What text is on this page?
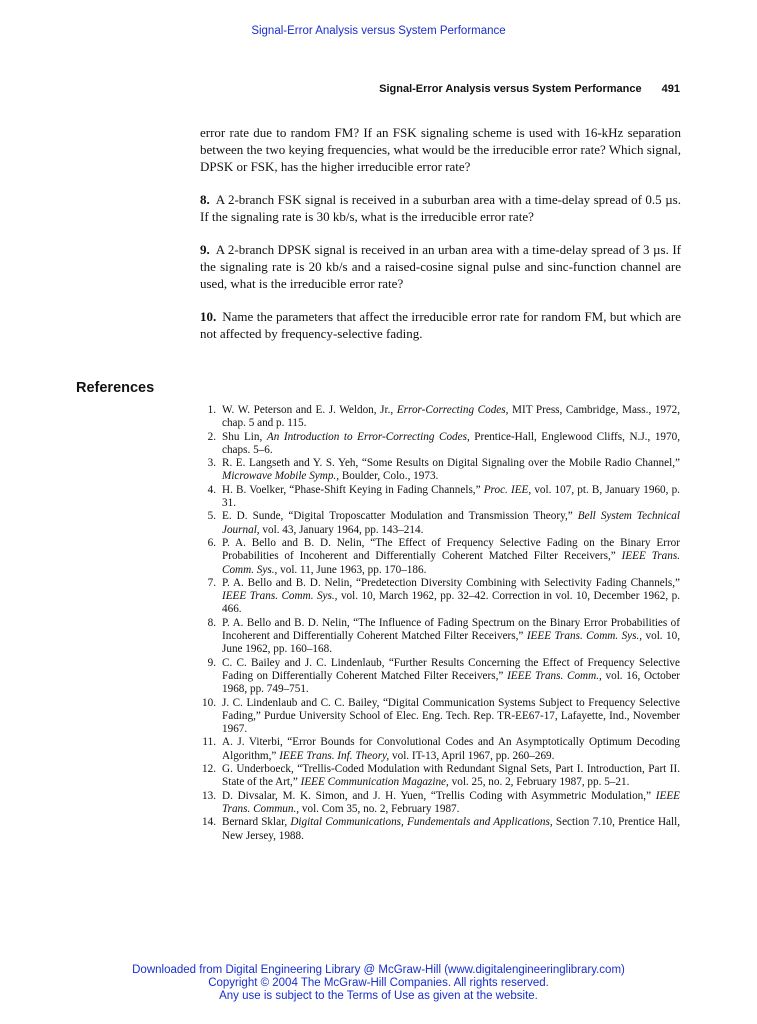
Signal-Error Analysis versus System Performance
Signal-Error Analysis versus System Performance 491

error rate due to random FM? If an FSK signaling scheme is used with 16-kHz separation between the two keying frequencies, what would be the irreducible error rate? Which signal, DPSK or FSK, has the higher irreducible error rate?

8. A 2-branch FSK signal is received in a suburban area with a time-delay spread of 0.5 µs. If the signaling rate is 30 kb/s, what is the irreducible error rate?

9. A 2-branch DPSK signal is received in an urban area with a time-delay spread of 3 µs. If the signaling rate is 20 kb/s and a raised-cosine signal pulse and sinc-function channel are used, what is the irreducible error rate?

10. Name the parameters that affect the irreducible error rate for random FM, but which are not affected by frequency-selective fading.

References
1. W. W. Peterson and E. J. Weldon, Jr., Error-Correcting Codes, MIT Press, Cambridge, Mass., 1972, chap. 5 and p. 115.
2. Shu Lin, An Introduction to Error-Correcting Codes, Prentice-Hall, Englewood Cliffs, N.J., 1970, chaps. 5–6.
3. R. E. Langseth and Y. S. Yeh, “Some Results on Digital Signaling over the Mobile Radio Channel,” Microwave Mobile Symp., Boulder, Colo., 1973.
4. H. B. Voelker, “Phase-Shift Keying in Fading Channels,” Proc. IEE, vol. 107, pt. B, January 1960, p. 31.
5. E. D. Sunde, “Digital Troposcatter Modulation and Transmission Theory,” Bell System Technical Journal, vol. 43, January 1964, pp. 143–214.
6. P. A. Bello and B. D. Nelin, “The Effect of Frequency Selective Fading on the Binary Error Probabilities of Incoherent and Differentially Coherent Matched Filter Receivers,” IEEE Trans. Comm. Sys., vol. 11, June 1963, pp. 170–186.
7. P. A. Bello and B. D. Nelin, “Predetection Diversity Combining with Selectivity Fading Channels,” IEEE Trans. Comm. Sys., vol. 10, March 1962, pp. 32–42. Correction in vol. 10, December 1962, p. 466.
8. P. A. Bello and B. D. Nelin, “The Influence of Fading Spectrum on the Binary Error Probabilities of Incoherent and Differentially Coherent Matched Filter Receivers,” IEEE Trans. Comm. Sys., vol. 10, June 1962, pp. 160–168.
9. C. C. Bailey and J. C. Lindenlaub, “Further Results Concerning the Effect of Frequency Selective Fading on Differentially Coherent Matched Filter Receivers,” IEEE Trans. Comm., vol. 16, October 1968, pp. 749–751.
10. J. C. Lindenlaub and C. C. Bailey, “Digital Communication Systems Subject to Frequency Selective Fading,” Purdue University School of Elec. Eng. Tech. Rep. TR-EE67-17, Lafayette, Ind., November 1967.
11. A. J. Viterbi, “Error Bounds for Convolutional Codes and An Asymptotically Optimum Decoding Algorithm,” IEEE Trans. Inf. Theory, vol. IT-13, April 1967, pp. 260–269.
12. G. Underboeck, “Trellis-Coded Modulation with Redundant Signal Sets, Part I. Introduction, Part II. State of the Art,” IEEE Communication Magazine, vol. 25, no. 2, February 1987, pp. 5–21.
13. D. Divsalar, M. K. Simon, and J. H. Yuen, “Trellis Coding with Asymmetric Modulation,” IEEE Trans. Commun., vol. Com 35, no. 2, February 1987.
14. Bernard Sklar, Digital Communications, Fundementals and Applications, Section 7.10, Prentice Hall, New Jersey, 1988.
Downloaded from Digital Engineering Library @ McGraw-Hill (www.digitalengineeringlibrary.com)
Copyright © 2004 The McGraw-Hill Companies. All rights reserved.
Any use is subject to the Terms of Use as given at the website.
